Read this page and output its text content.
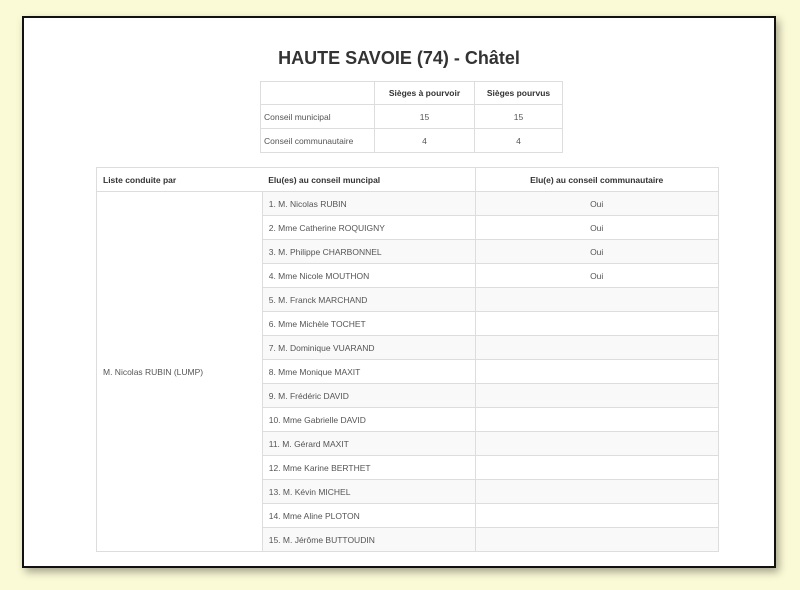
HAUTE SAVOIE (74) - Châtel
	Sièges à pourvoir	Sièges pourvus
Conseil municipal	15	15
Conseil communautaire	4	4
Liste conduite par	Elu(es) au conseil muncipal	Elu(e) au conseil communautaire
M. Nicolas RUBIN (LUMP)	1. M. Nicolas RUBIN	Oui
	2. Mme Catherine ROQUIGNY	Oui
	3. M. Philippe CHARBONNEL	Oui
	4. Mme Nicole MOUTHON	Oui
	5. M. Franck MARCHAND	
	6. Mme Michèle TOCHET	
	7. M. Dominique VUARAND	
	8. Mme Monique MAXIT	
	9. M. Frédéric DAVID	
	10. Mme Gabrielle DAVID	
	11. M. Gérard MAXIT	
	12. Mme Karine BERTHET	
	13. M. Kévin MICHEL	
	14. Mme Aline PLOTON	
	15. M. Jérôme BUTTOUDIN	
